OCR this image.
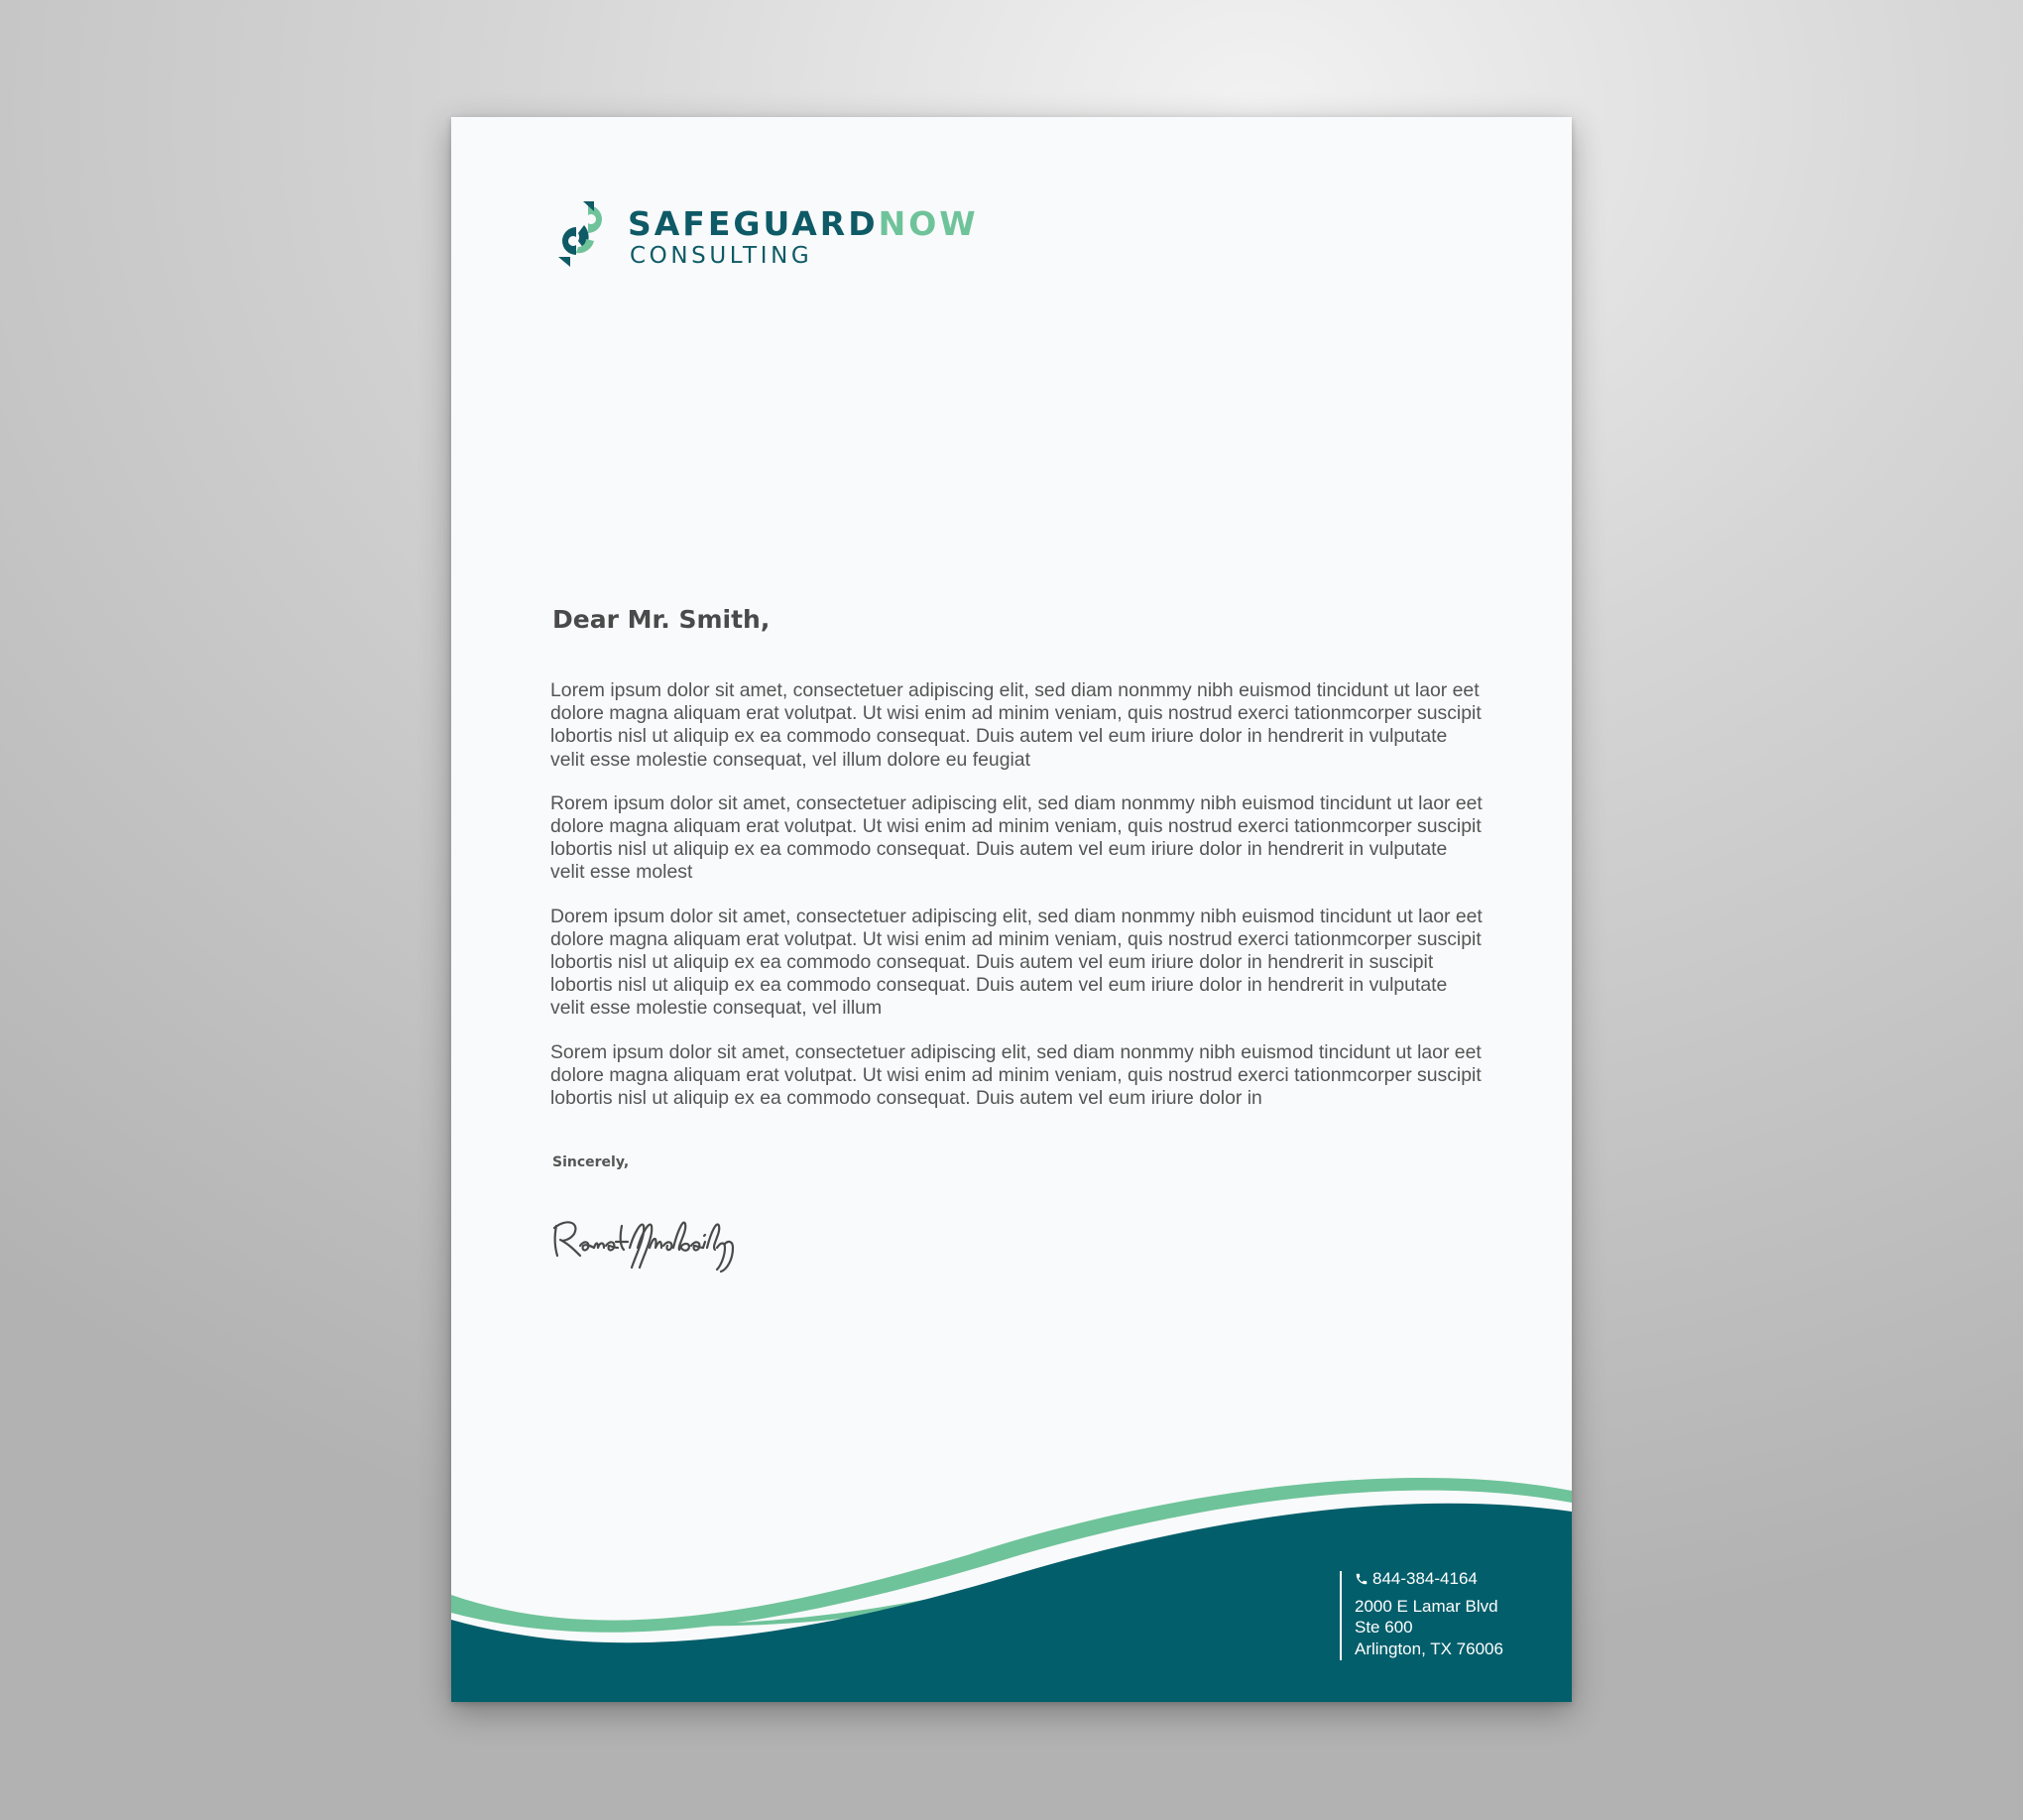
SAFEGUARDNOW
CONSULTING
Dear Mr. Smith,

Lorem ipsum dolor sit amet, consectetuer adipiscing elit, sed diam nonmmy nibh euismod tincidunt ut laor eet dolore magna aliquam erat volutpat. Ut wisi enim ad minim veniam, quis nostrud exerci tationmcorper suscipit lobortis nisl ut aliquip ex ea commodo consequat. Duis autem vel eum iriure dolor in hendrerit in vulputate velit esse molestie consequat, vel illum dolore eu feugiat

Rorem ipsum dolor sit amet, consectetuer adipiscing elit, sed diam nonmmy nibh euismod tincidunt ut laor eet dolore magna aliquam erat volutpat. Ut wisi enim ad minim veniam, quis nostrud exerci tationmcorper suscipit lobortis nisl ut aliquip ex ea commodo consequat. Duis autem vel eum iriure dolor in hendrerit in vulputate velit esse molest

Dorem ipsum dolor sit amet, consectetuer adipiscing elit, sed diam nonmmy nibh euismod tincidunt ut laor eet dolore magna aliquam erat volutpat. Ut wisi enim ad minim veniam, quis nostrud exerci tationmcorper suscipit lobortis nisl ut aliquip ex ea commodo consequat. Duis autem vel eum iriure dolor in hendrerit in suscipit lobortis nisl ut aliquip ex ea commodo consequat. Duis autem vel eum iriure dolor in hendrerit in vulputate velit esse molestie consequat, vel illum

Sorem ipsum dolor sit amet, consectetuer adipiscing elit, sed diam nonmmy nibh euismod tincidunt ut laor eet dolore magna aliquam erat volutpat. Ut wisi enim ad minim veniam, quis nostrud exerci tationmcorper suscipit lobortis nisl ut aliquip ex ea commodo consequat. Duis autem vel eum iriure dolor in

Sincerely,
844-384-4164
2000 E Lamar Blvd
Ste 600
Arlington, TX 76006
